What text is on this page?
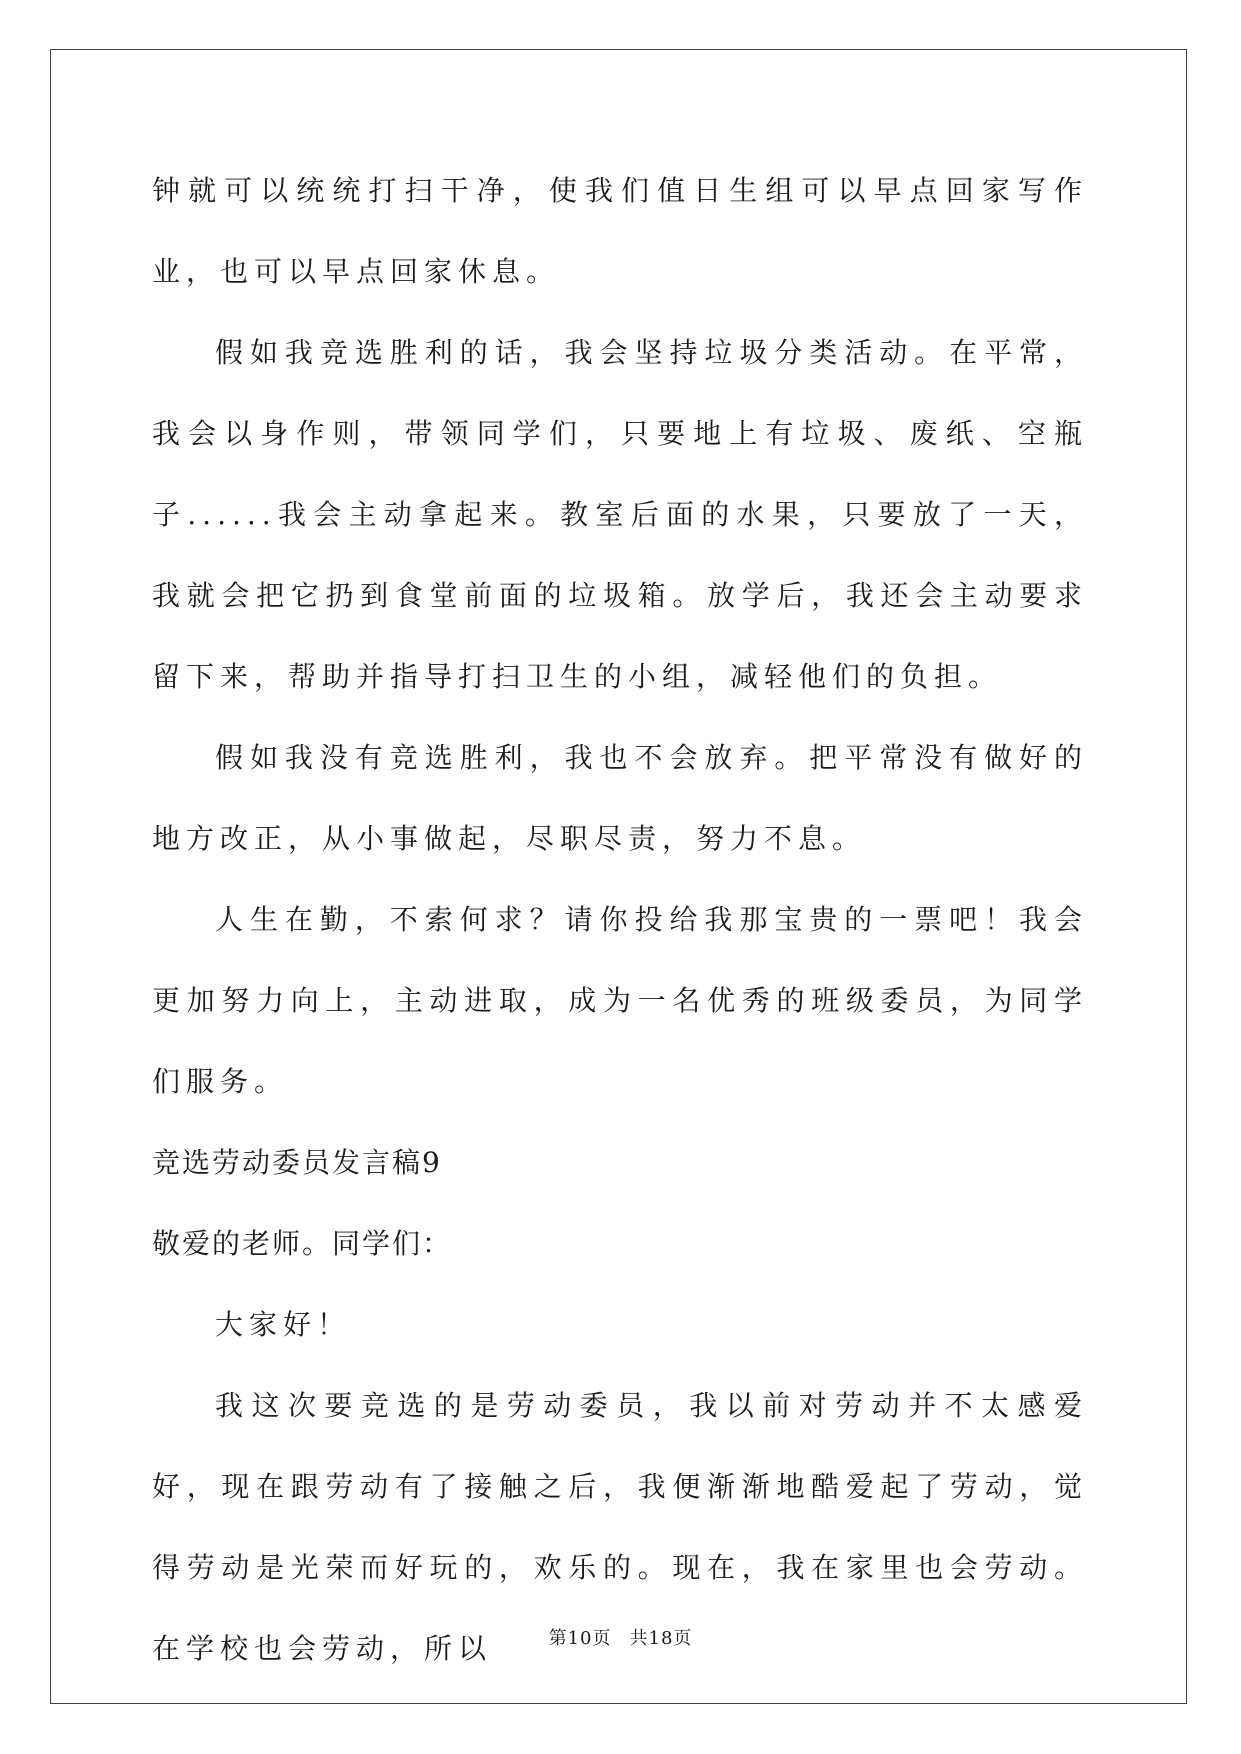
钟就可以统统打扫干净，使我们值日生组可以早点回家写作业，也可以早点回家休息。

假如我竞选胜利的话，我会坚持垃圾分类活动。在平常，我会以身作则，带领同学们，只要地上有垃圾、废纸、空瓶子......我会主动拿起来。教室后面的水果，只要放了一天，我就会把它扔到食堂前面的垃圾箱。放学后，我还会主动要求留下来，帮助并指导打扫卫生的小组，减轻他们的负担。

假如我没有竞选胜利，我也不会放弃。把平常没有做好的地方改正，从小事做起，尽职尽责，努力不息。

人生在勤，不索何求？请你投给我那宝贵的一票吧！我会更加努力向上，主动进取，成为一名优秀的班级委员，为同学们服务。

竞选劳动委员发言稿9

敬爱的老师。同学们：

大家好！

我这次要竞选的是劳动委员，我以前对劳动并不太感爱好，现在跟劳动有了接触之后，我便渐渐地酷爱起了劳动，觉得劳动是光荣而好玩的，欢乐的。现在，我在家里也会劳动。在学校也会劳动，所以	第10页 共18页
